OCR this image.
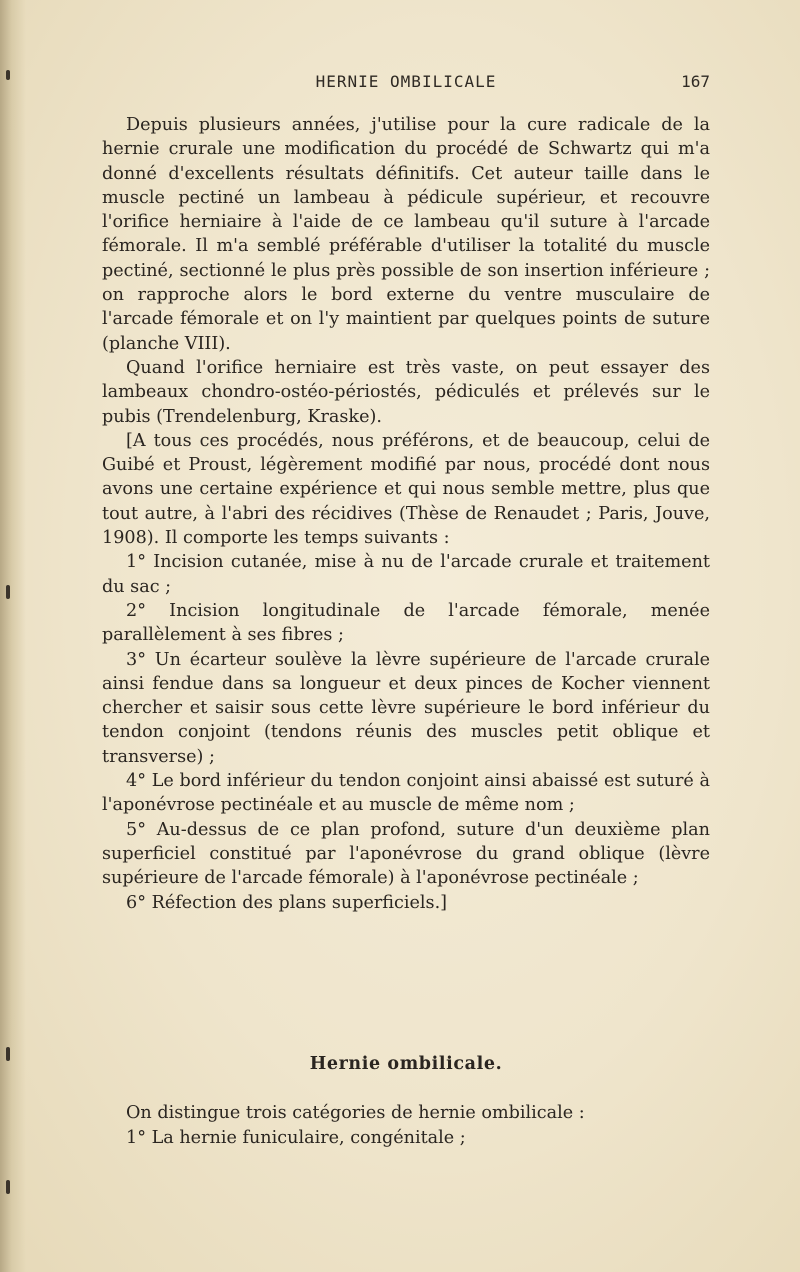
HERNIE OMBILICALE	167

Depuis plusieurs années, j'utilise pour la cure radicale de la hernie crurale une modification du procédé de Schwartz qui m'a donné d'excellents résultats définitifs. Cet auteur taille dans le muscle pectiné un lambeau à pédicule supérieur, et recouvre l'orifice herniaire à l'aide de ce lambeau qu'il suture à l'arcade fémorale. Il m'a semblé préférable d'utiliser la totalité du muscle pectiné, sectionné le plus près possible de son insertion inférieure ; on rapproche alors le bord externe du ventre musculaire de l'arcade fémorale et on l'y maintient par quelques points de suture (planche VIII).

Quand l'orifice herniaire est très vaste, on peut essayer des lambeaux chondro-ostéo-périostés, pédiculés et prélevés sur le pubis (Trendelenburg, Kraske).

[A tous ces procédés, nous préférons, et de beaucoup, celui de Guibé et Proust, légèrement modifié par nous, procédé dont nous avons une certaine expérience et qui nous semble mettre, plus que tout autre, à l'abri des récidives (Thèse de Renaudet ; Paris, Jouve, 1908). Il comporte les temps suivants :

1° Incision cutanée, mise à nu de l'arcade crurale et traitement du sac ;

2° Incision longitudinale de l'arcade fémorale, menée parallèlement à ses fibres ;

3° Un écarteur soulève la lèvre supérieure de l'arcade crurale ainsi fendue dans sa longueur et deux pinces de Kocher viennent chercher et saisir sous cette lèvre supérieure le bord inférieur du tendon conjoint (tendons réunis des muscles petit oblique et transverse) ;

4° Le bord inférieur du tendon conjoint ainsi abaissé est suturé à l'aponévrose pectinéale et au muscle de même nom ;

5° Au-dessus de ce plan profond, suture d'un deuxième plan superficiel constitué par l'aponévrose du grand oblique (lèvre supérieure de l'arcade fémorale) à l'aponévrose pectinéale ;

6° Réfection des plans superficiels.]

Hernie ombilicale.

On distingue trois catégories de hernie ombilicale :

1° La hernie funiculaire, congénitale ;
